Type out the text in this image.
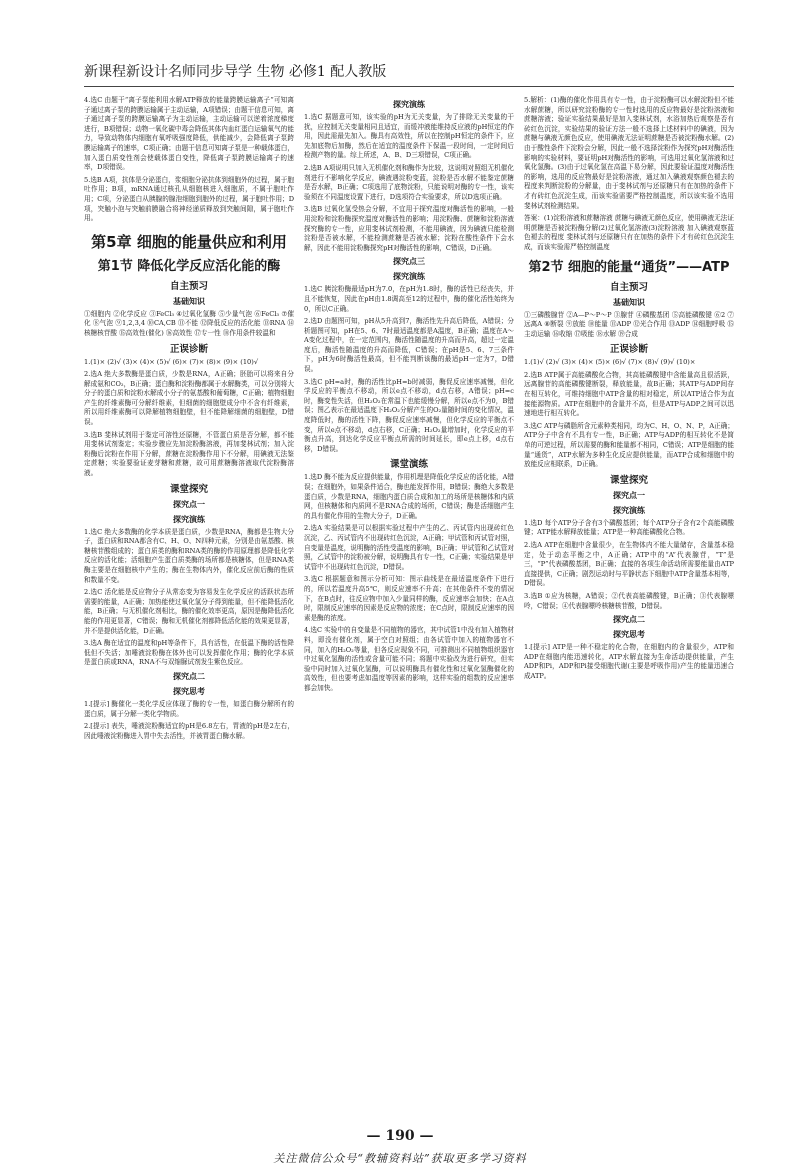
新课程新设计名师同步导学 生物 必修1 配人教版

4.选C 由题干“离子泵能利用水解ATP释放的能量跨膜运输离子”可知离子通过离子泵的跨膜运输属于主动运输，A项错误；由题干信息可知，离子通过离子泵的跨膜运输离子为主动运输，主动运输可以逆着浓度梯度进行，B项错误；动物一氧化碳中毒会降低其体内血红蛋白运输氧气的能力，导致动物体内细胞有氧呼吸强度降低，供能减少，会降低离子泵跨膜运输离子的速率，C项正确；由题干信息可知离子泵是一种载体蛋白，加入蛋白质变性剂会使载体蛋白变性，降低离子泵跨膜运输离子的速率，D项错误。

5.选B A项，抗体是分泌蛋白，浆细胞分泌抗体到细胞外的过程，属于胞吐作用；B项，mRNA通过核孔从细胞核进入细胞质，不属于胞吐作用；C项，分泌蛋白从胰腺的腺泡细胞到胞外的过程，属于胞吐作用；D项，突触小泡与突触前膜融合将神经递质释放到突触间隙，属于胞吐作用。

第5章 细胞的能量供应和利用
第1节 降低化学反应活化能的酶
自主预习
基础知识

①细胞内 ②化学反应 ③FeCl₃ ④过氧化氢酶 ⑤少量气泡 ⑥FeCl₃ ⑦催化 ⑧气泡 ⑨1,2,3,4 ⑩CA,CB ⑪不能 ⑫降低反应的活化能 ⑬RNA ⑭核糖核苷酸 ⑮高效性(催化) ⑯高效性 ⑰专一性 ⑱作用条件较温和

正误诊断

1.(1)× (2)√ (3)× (4)× (5)√ (6)× (7)× (8)× (9)× (10)√

2.选A 绝大多数酶是蛋白质，少数是RNA，A正确；胚胎可以将来自分解成氨和CO₂，B正确；蛋白酶和淀粉酶都属于水解酶类，可以分别将大分子的蛋白质和淀粉水解成小分子的氨基酸和葡萄糖，C正确；植物细胞产生的纤维素酶可分解纤维素，但细菌的细胞壁成分中不含有纤维素，所以用纤维素酶可以降解植物细胞壁，但不能降解细菌的细胞壁，D错误。

3.选B 斐林试剂用于鉴定可溶性还原糖，不管蛋白质是否分解，都不能用斐林试剂鉴定；实验步骤应先加淀粉酶溶液，再加斐林试剂；加入淀粉酶后淀粉在作用下分解，蔗糖在淀粉酶作用下不分解，用碘液无法鉴定蔗糖；实验要验证麦芽糖和蔗糖，故可用蔗糖酶溶液取代淀粉酶溶液。

课堂探究
探究点一
探究演练

1.选C 绝大多数酶的化学本质是蛋白质，少数是RNA，酶都是生物大分子，蛋白质和RNA都含有C、H、O、N四种元素，分别是由氨基酸、核糖核苷酸组成的；蛋白质类的酶和RNA类的酶的作用原理都是降低化学反应的活化能；活细胞产生蛋白质类酶的场所都是核糖体，但是RNA类酶主要是在细胞核中产生的；酶在生物体内外，催化反应前后酶的性质和数量不变。

2.选C 活化能是反应物分子从常态变为容易发生化学反应的活跃状态所需要的能量，A正确；加热能使过氧化氢分子得到能量，但不能降低活化能，B正确；与无机催化剂相比，酶的催化效率更高，原因是酶降低活化能的作用更显著，C错误；酶和无机催化剂都降低活化能的效果更显著，并不是提供活化能，D正确。

3.选A 酶在适宜的温度和pH等条件下，具有活性，在低温下酶的活性降低但不失活；加唾液淀粉酶在体外也可以发挥催化作用；酶的化学本质是蛋白质或RNA，RNA不与双缩脲试剂发生紫色反应。

探究点二
探究思考

1.[提示] 酶催化一类化学反应体现了酶的专一性，如蛋白酶分解所有的蛋白质，属于分解一类化学物质。

2.[提示] 表失，唾液淀粉酶适宜的pH是6.8左右，胃液的pH是2左右，因此唾液淀粉酶进入胃中失去活性，并被胃蛋白酶水解。

探究演练

1.选C 据题意可知，该实验的pH为无关变量，为了排除无关变量的干扰，应控制无关变量相同且适宜，而缓冲液能维持反应液的pH恒定的作用，因此需最先加入。酶具有高效性，所以在控制pH恒定的条件下，应先加底物后加酶，然后在适宜的温度条件下保温一段时间，一定时间后检测产物的量。综上所述，A、B、D三项错误，C项正确。

2.选B A项说明只加入无机催化剂和酶作为比较，这说明对照组无机催化剂进行不影响化学反应，碘液遇淀粉变蓝，淀粉是否水解不能鉴定蔗糖是否水解，B正确；C项选用了底物淀粉，只能说明对酶的专一性，该实验须在不同温度设置下进行，D选项符合实验要求，所以D选项正确。

3.选B 过氧化氢受热会分解，不宜用于探究温度对酶活性的影响，一般用淀粉和淀粉酶探究温度对酶活性的影响；用淀粉酶、蔗糖和淀粉溶液探究酶的专一性，应用斐林试剂检测，不能用碘液，因为碘液只能检测淀粉是否被水解，不能检测蔗糖是否被水解；淀粉在酸性条件下会水解，因此不能用淀粉酶探究pH对酶活性的影响，C错误，D正确。

探究点三
探究演练

1.选C 胰淀粉酶最适pH为7.0，在pH为1.8时，酶的活性已经丧失，并且不能恢复，因此在pH由1.8调高至12的过程中，酶的催化活性始终为0，所以C正确。

2.选D 由题图可知，pH从5升高到7，酶活性先升高后降低，A错误；分析题图可知，pH在5、6、7时最适温度都是A温度，B正确；温度在A～A变化过程中，在一定范围内，酶活性随温度的升高而升高，超过一定温度后，酶活性随温度的升高而降低，C错误；在pH是5、6、7三条件下，pH为6时酶活性最高，但不能判断该酶的最适pH一定为7，D错误。

3.选C pH=a时，酶的活性比pH=b时减弱，酶促反应速率减慢，但化学反应的平衡点不移动，所以e点不移动，d点右移，A错误；pH=c时，酶变性失活，但H₂O₂在常温下也能缓慢分解，所以e点不为0，B错误；图乙表示在最适温度下H₂O₂分解产生的O₂量随时间的变化情况，温度降低时，酶的活性下降，酶促反应速率减慢，但化学反应的平衡点不变，所以e点不移动，d点右移，C正确；H₂O₂量增加时，化学反应的平衡点升高，到达化学反应平衡点所需的时间延长，即e点上移，d点右移，D错误。

课堂演练

1.选D 酶不能为反应提供能量，作用机理是降低化学反应的活化能，A错误；在细胞外，如果条件适合，酶也能发挥作用，B错误；酶绝大多数是蛋白质，少数是RNA，细胞内蛋白质合成和加工的场所是核糖体和内质网，但核糖体和内质网不是RNA合成的场所，C错误；酶是活细胞产生的具有催化作用的生物大分子，D正确。

2.选A 实验结果是可以根据实验过程中产生的乙、丙试管内出现砖红色沉淀，乙、丙试管内不出现砖红色沉淀，A正确；甲试管和丙试管对照，自变量是温度，说明酶的活性受温度的影响，B正确；甲试管和乙试管对照，乙试管中的淀粉被分解，说明酶具有专一性，C正确；实验结果是甲试管中不出现砖红色沉淀，D错误。

3.选C 根据题意和图示分析可知：图示曲线是在最适温度条件下进行的，所以若温度升高5℃，则反应速率不升高；在其他条件不变的情况下，在B点时，往反应物中加入少量同样的酶，反应速率会加快；在A点时，限制反应速率的因素是反应物的浓度；在C点时，限制反应速率的因素是酶的浓度。

4.选C 实验中的自变量是不同植物的器官，其中试管1中没有加入植物材料，即没有催化剂，属于空白对照组；由各试管中加入的植物器官不同，加入的H₂O₂等量，但各反应现象不同，可推测出不同植物组织器官中过氧化氢酶的活性或含量可能不同；将题中实验改为进行研究，但实验中同时加入过氧化氢酶，可以说明酶具有催化性和过氧化氢酶催化的高效性，但也要考虑如温度等因素的影响，这样实验的组数的反应速率都会加快。

5.解析：(1)酶的催化作用具有专一性，由于淀粉酶可以水解淀粉但不能水解蔗糖，所以研究淀粉酶的专一性时选用的反应物最好是淀粉溶液和蔗糖溶液；验证实验结果最好是加入斐林试剂，水浴加热后观察是否有砖红色沉淀，实验结果的验证方法一般不选择上述材料中的碘液，因为蔗糖与碘液无颜色反应，使用碘液无法证明蔗糖是否被淀粉酶水解。(2)由于酸性条件下淀粉会分解，因此一般不选择淀粉作为探究pH对酶活性影响的实验材料，要证明pH对酶活性的影响，可选用过氧化氢溶液和过氧化氢酶。(3)由于过氧化氢在高温下易分解，因此要验证温度对酶活性的影响，选用的反应物最好是淀粉溶液，通过加入碘液观察颜色褪去的程度来判断淀粉的分解量，由于斐林试剂与还原糖只有在加热的条件下才有砖红色沉淀生成，而该实验需要严格控制温度，所以该实验不选用斐林试剂检测结果。

答案：(1)淀粉溶液和蔗糖溶液 蔗糖与碘液无颜色反应，使用碘液无法证明蔗糖是否被淀粉酶分解(2)过氧化氢溶液(3)淀粉溶液 加入碘液观察蓝色褪去的程度 斐林试剂与还原糖只有在加热的条件下才有砖红色沉淀生成，而该实验需严格控制温度

第2节 细胞的能量“通货”——ATP
自主预习
基础知识

①三磷酸腺苷 ②A—P～P～P ③腺苷 ④磷酸基团 ⑤高能磷酸键 ⑥2 ⑦远离A ⑧断裂 ⑨放能 ⑩能量 ⑪ADP ⑫光合作用 ⑬ADP ⑭细胞呼吸 ⑮主动运输 ⑯收缩 ⑰吸能 ⑱水解 ⑲合成

正误诊断

1.(1)√ (2)√ (3)× (4)× (5)× (6)√ (7)× (8)√ (9)√ (10)×

2.选B ATP属于高能磷酸化合物，其高能磷酸键中含能量高且很活跃，远离腺苷的高能磷酸键断裂，释放能量，故B正确；其ATP与ADP间存在相互转化，可维持细胞中ATP含量的相对稳定，所以ATP适合作为直接能源物质。ATP在细胞中的含量并不高，但是ATP与ADP之间可以迅速地进行相互转化。

3.选C ATP与磷脂所含元素种类相同，均为C、H、O、N、P，A正确；ATP分子中含有不具有专一性，B正确；ATP与ADP的相互转化不是简单的可逆过程，所以需要的酶和能量都不相同，C错误；ATP是细胞的能量“通货”，ATP水解为多种生化反应提供能量，而ATP合成和细胞中的放能反应相联系，D正确。

课堂探究
探究点一
探究演练

1.选D 每个ATP分子含有3个磷酸基团；每个ATP分子含有2个高能磷酸键；ATP能水解释放能量；ATP是一种高能磷酸化合物。

2.选A ATP在细胞中含量很少，在生物体内不能大量储存，含量基本稳定，处于动态平衡之中，A正确；ATP中的“A”代表腺苷，“T”是三，“P”代表磷酸基团，B正确；直接的各项生命活动所需要能量由ATP直接提供，C正确；剧烈运动时与平静状态下细胞中ATP含量基本相等，D错误。

3.选B ①应为核糖，A错误；②代表高能磷酸键，B正确；③代表腺嘌呤，C错误；④代表腺嘌呤核糖核苷酸，D错误。

探究点二
探究思考

1.[提示] ATP是一种不稳定的化合物，在细胞内的含量很少，ATP和ADP在细胞内能迅速转化，ATP水解直接为生命活动提供能量，产生ADP和Pi，ADP和Pi接受细胞代谢(主要是呼吸作用)产生的能量迅速合成ATP。

— 190 —
关注微信公众号“教辅资料站”获取更多学习资料
